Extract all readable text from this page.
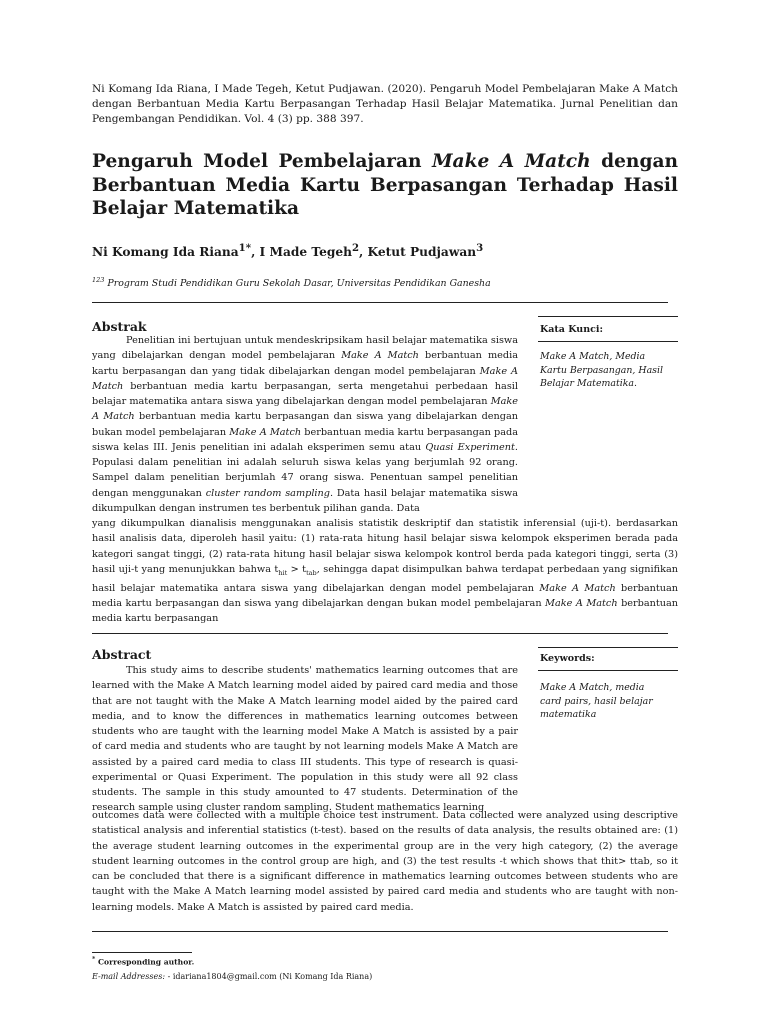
Ni Komang Ida Riana, I Made Tegeh, Ketut Pudjawan. (2020). Pengaruh Model Pembelajaran Make A Match dengan Berbantuan Media Kartu Berpasangan Terhadap Hasil Belajar Matematika. Jurnal Penelitian dan Pengembangan Pendidikan. Vol. 4 (3) pp. 388 397.
Pengaruh Model Pembelajaran Make A Match dengan Berbantuan Media Kartu Berpasangan Terhadap Hasil Belajar Matematika
Ni Komang Ida Riana$^{1*}$, I Made Tegeh$^2$, Ketut Pudjawan$^3$
$^{123}$ Program Studi Pendidikan Guru Sekolah Dasar, Universitas Pendidikan Ganesha
Abstrak	Kata Kunci:
Make A Match, Media Kartu Berpasangan, Hasil Belajar Matematika.

Penelitian ini bertujuan untuk mendeskripsikam hasil belajar matematika siswa yang dibelajarkan dengan model pembelajaran Make A Match berbantuan media kartu berpasangan dan yang tidak dibelajarkan dengan model pembelajaran Make A Match berbantuan media kartu berpasangan, serta mengetahui perbedaan hasil belajar matematika antara siswa yang dibelajarkan dengan model pembelajaran Make A Match berbantuan media kartu berpasangan dan siswa yang dibelajarkan dengan bukan model pembelajaran Make A Match berbantuan media kartu berpasangan pada siswa kelas III. Jenis penelitian ini adalah eksperimen semu atau Quasi Experiment. Populasi dalam penelitian ini adalah seluruh siswa kelas yang berjumlah 92 orang. Sampel dalam penelitian berjumlah 47 orang siswa. Penentuan sampel penelitian dengan menggunakan cluster random sampling. Data hasil belajar matematika siswa dikumpulkan dengan instrumen tes berbentuk pilihan ganda. Data

yang dikumpulkan dianalisis menggunakan analisis statistik deskriptif dan statistik inferensial (uji-t). berdasarkan hasil analisis data, diperoleh hasil yaitu: (1) rata-rata hitung hasil belajar siswa kelompok eksperimen berada pada kategori sangat tinggi, (2) rata-rata hitung hasil belajar siswa kelompok kontrol berda pada kategori tinggi, serta (3) hasil uji-t yang menunjukkan bahwa $t_{hit} > t_{tab}$, sehingga dapat disimpulkan bahwa terdapat perbedaan yang signifikan hasil belajar matematika antara siswa yang dibelajarkan dengan model pembelajaran Make A Match berbantuan media kartu berpasangan dan siswa yang dibelajarkan dengan bukan model pembelajaran Make A Match berbantuan media kartu berpasangan

Abstract	Keywords:
Make A Match, media card pairs, hasil belajar matematika

This study aims to describe students' mathematics learning outcomes that are learned with the Make A Match learning model aided by paired card media and those that are not taught with the Make A Match learning model aided by the paired card media, and to know the differences in mathematics learning outcomes between students who are taught with the learning model Make A Match is assisted by a pair of card media and students who are taught by not learning models Make A Match are assisted by a paired card media to class III students. This type of research is quasi-experimental or Quasi Experiment. The population in this study were all 92 class students. The sample in this study amounted to 47 students. Determination of the research sample using cluster random sampling. Student mathematics learning

outcomes data were collected with a multiple choice test instrument. Data collected were analyzed using descriptive statistical analysis and inferential statistics (t-test). based on the results of data analysis, the results obtained are: (1) the average student learning outcomes in the experimental group are in the very high category, (2) the average student learning outcomes in the control group are high, and (3) the test results -t which shows that thit> ttab, so it can be concluded that there is a significant difference in mathematics learning outcomes between students who are taught with the Make A Match learning model assisted by paired card media and students who are taught with non-learning models. Make A Match is assisted by paired card media.

* Corresponding author.
E-mail Addresses: - idariana1804@gmail.com (Ni Komang Ida Riana)
